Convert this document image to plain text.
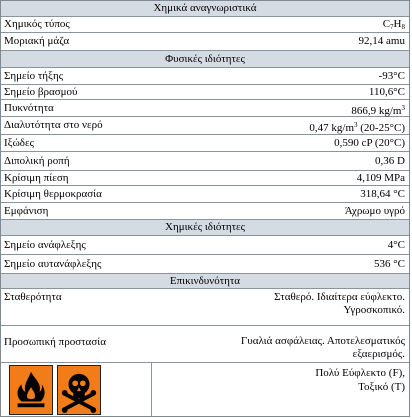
Χημικά αναγνωριστικά
Χημικός τύπος	$C_7H_8$
Μοριακή μάζα	92,14 amu
Φυσικές ιδιότητες
Σημείο τήξης	-93°C
Σημείο βρασμού	110,6°C
Πυκνότητα	866,9 $kg/m^3$
Διαλυτότητα στο νερό	0,47 $kg/m^3$ (20-25°C)
Ιξώδες	0,590 cP (20°C)
Διπολική ροπή	0,36 D
Κρίσιμη πίεση	4,109 MPa
Κρίσιμη θερμοκρασία	318,64 °C
Εμφάνιση	Άχρωμο υγρό
Χημικές ιδιότητες
Σημείο ανάφλεξης	4°C
Σημείο αυτανάφλεξης	536 °C
Επικινδυνότητα
Σταθερότητα	Σταθερό. Ιδιαίτερα εύφλεκτο.
Υγροσκοπικό.
Προσωπική προστασία	Γυαλιά ασφάλειας. Αποτελεσματικός
εξαερισμός.
Πολύ Εύφλεκτο (F),
Τοξικό (T)
